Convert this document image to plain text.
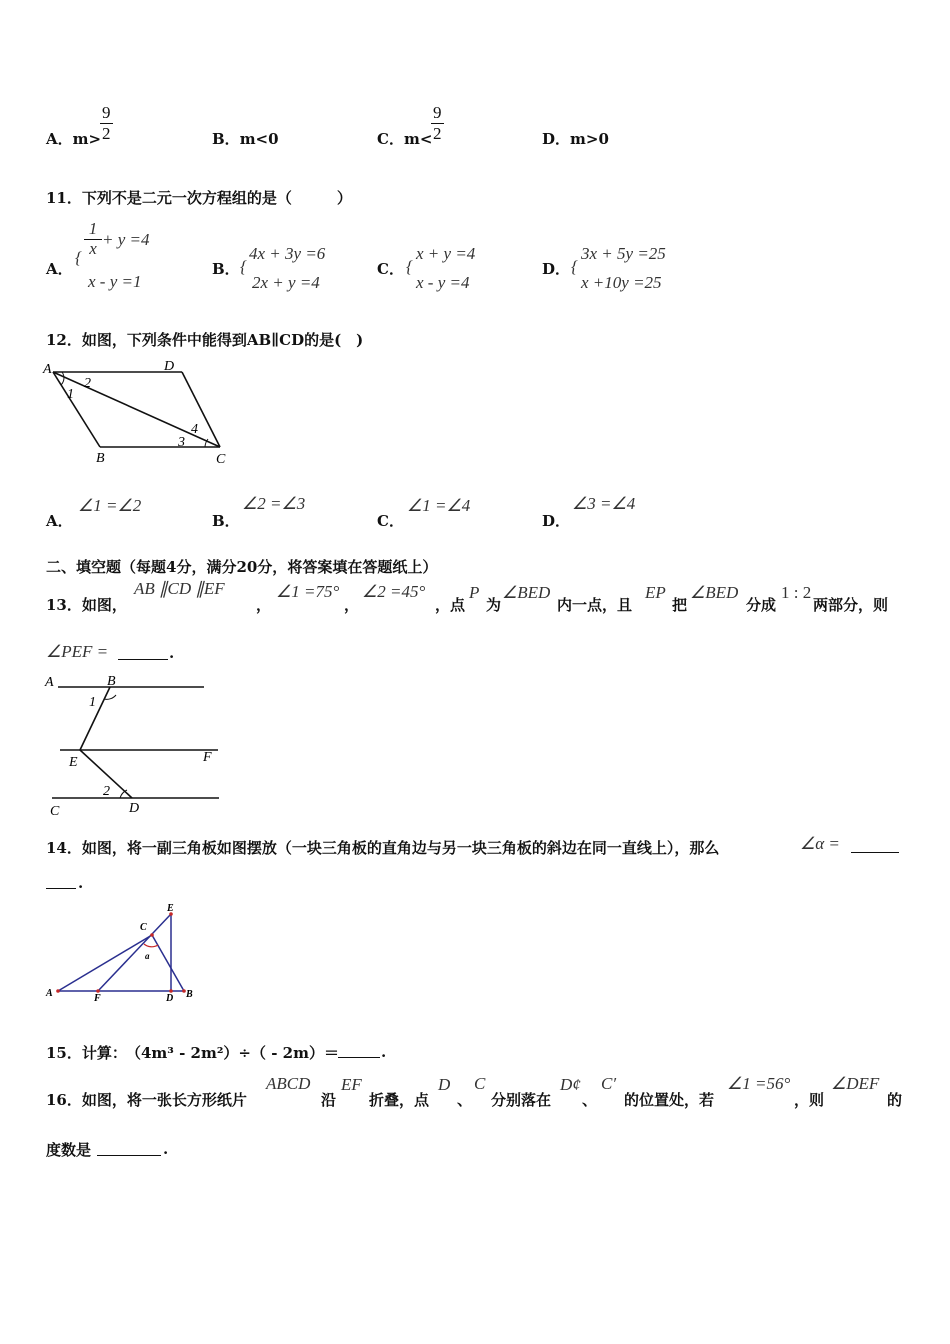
A．m>
$\frac{9}{2}$	B．m<0	C．m<
$\frac{9}{2}$	D．m>0
11．下列不是二元一次方程组的是（　　　）
A．
{
1
x + y =4
x - y =1
B． {
4x + 3y =6
2x + y =4
C． {
x + y =4
x - y =4
D． {
3x + 5y =25
x +10y =25
12．如图，下列条件中能得到AB∥CD的是(　)
A	D
B	C
1
2
3
4
A．
∠1 =∠2
B．
∠2 =∠3
C．
∠1 =∠4
D．
∠3 =∠4
二、填空题（每题4分，满分20分，将答案填在答题纸上）
13．如图，
AB ∥CD ∥EF
，
∠1 =75°
，
∠2 =45°
，点
P
为
∠BED
内一点，且
EP
把
∠BED
分成
1 : 2
两部分，则
∠PEF =	.
A	B
E	F
C	D
1
2
14．如图，将一副三角板如图摆放（一块三角板的直角边与另一块三角板的斜边在同一直线上），那么	∠α =
.
A	F	D B
C
E
a
15．计算： （4m³ - 2m²）÷（ - 2m）＝	.
16．如图，将一张长方形纸片
ABCD
沿
EF
折叠，点
D
、
C
分别落在
D¢
、
C′
的位置处，若
∠1 =56°
，则
∠DEF
的
度数是	.
